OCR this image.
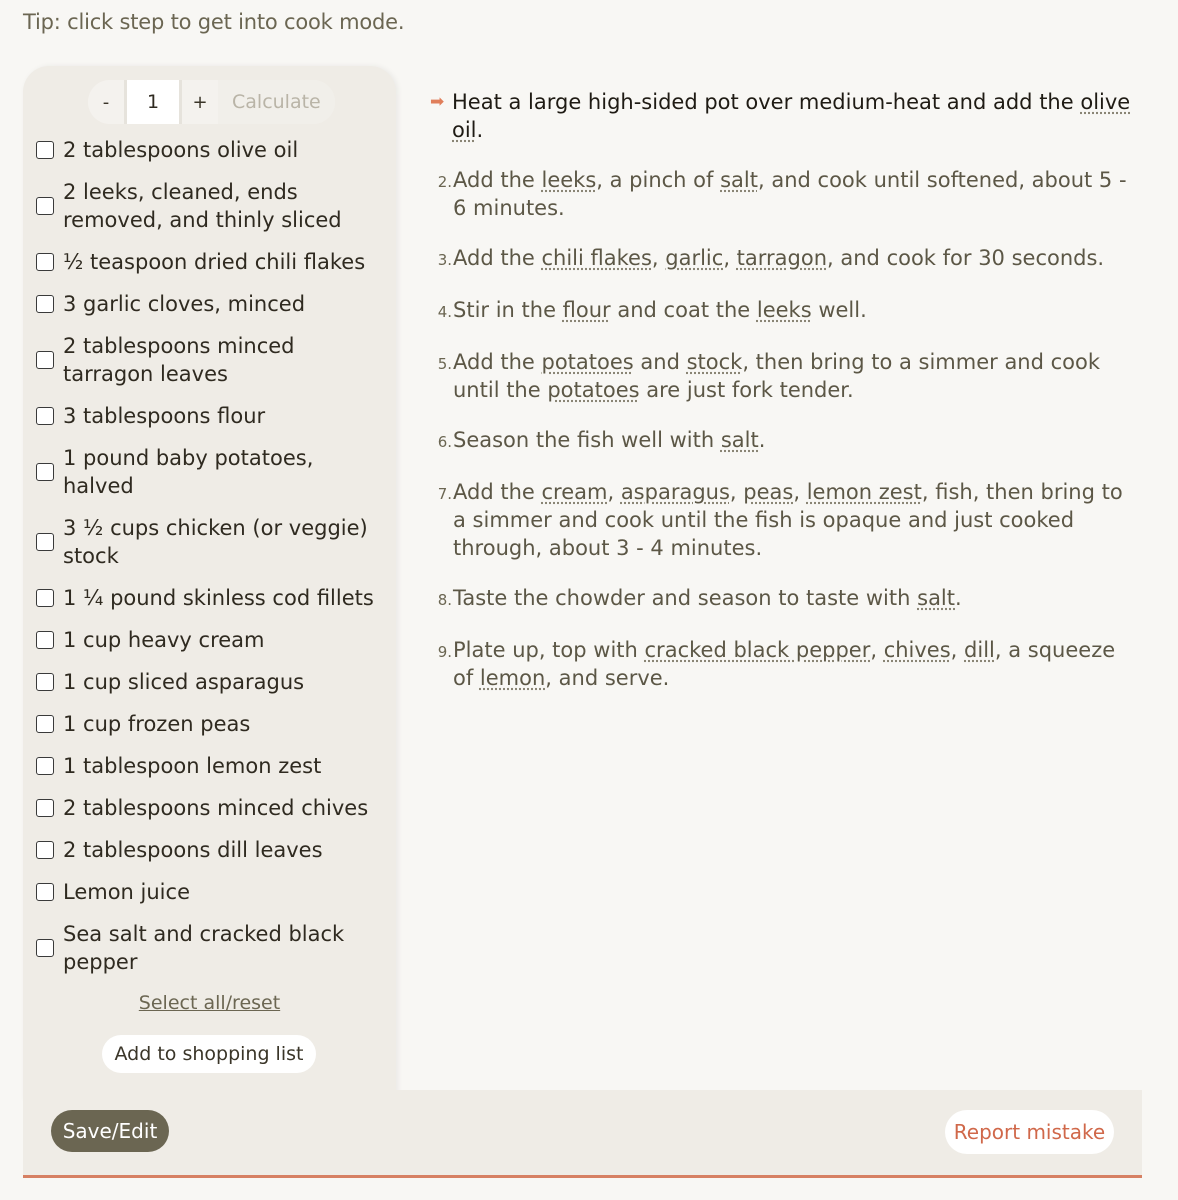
Tip: click step to get into cook mode.
-	1	+	Calculate
2 tablespoons olive oil
2 leeks, cleaned, ends removed, and thinly sliced
½ teaspoon dried chili flakes
3 garlic cloves, minced
2 tablespoons minced tarragon leaves
3 tablespoons flour
1 pound baby potatoes, halved
3 ½ cups chicken (or veggie) stock
1 ¼ pound skinless cod fillets
1 cup heavy cream
1 cup sliced asparagus
1 cup frozen peas
1 tablespoon lemon zest
2 tablespoons minced chives
2 tablespoons dill leaves
Lemon juice
Sea salt and cracked black pepper
Select all/reset
Add to shopping list
➡ Heat a large high-sided pot over medium-heat and add the olive oil.
2. Add the leeks, a pinch of salt, and cook until softened, about 5 - 6 minutes.
3. Add the chili flakes, garlic, tarragon, and cook for 30 seconds.
4. Stir in the flour and coat the leeks well.
5. Add the potatoes and stock, then bring to a simmer and cook until the potatoes are just fork tender.
6. Season the fish well with salt.
7. Add the cream, asparagus, peas, lemon zest, fish, then bring to a simmer and cook until the fish is opaque and just cooked through, about 3 - 4 minutes.
8. Taste the chowder and season to taste with salt.
9. Plate up, top with cracked black pepper, chives, dill, a squeeze of lemon, and serve.
Save/Edit	Report mistake
